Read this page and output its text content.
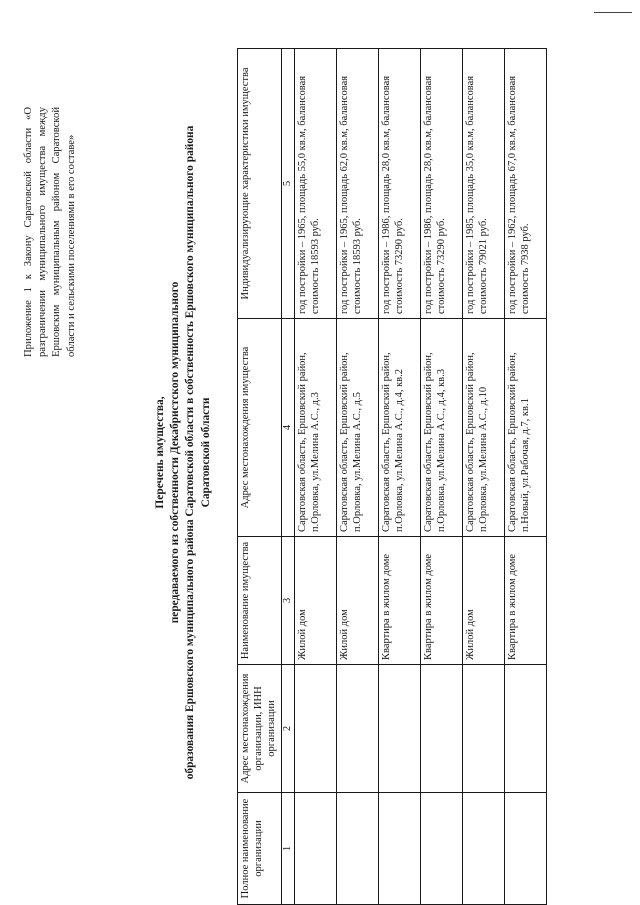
Приложение 1 к Закону Саратовской области «О разграничении муниципального имущества между Ершовским муниципальным районом Саратовской области и сельскими поселениями в его составе»
Перечень имущества, передаваемого из собственности Декабристского муниципального образования Ершовского муниципального района Саратовской области в собственность Ершовского муниципального района Саратовской области
Полное наименование организации	Адрес местонахождения организации, ИНН организации	Наименование имущества	Адрес местонахождения имущества	Индивидуализирующие характеристики имущества
1	2	3	4	5
		Жилой дом	Саратовская область, Ершовский район, п.Орловка, ул.Мелина А.С., д.3	год постройки – 1965, площадь 55,0 кв.м, балансовая стоимость 18593 руб.
		Жилой дом	Саратовская область, Ершовский район, п.Орловка, ул.Мелина А.С., д.5	год постройки – 1965, площадь 62,0 кв.м, балансовая стоимость 18593 руб.
		Квартира в жилом доме	Саратовская область, Ершовский район, п.Орловка, ул.Мелина А.С., д.4, кв.2	год постройки – 1986, площадь 28,0 кв.м, балансовая стоимость 73290 руб.
		Квартира в жилом доме	Саратовская область, Ершовский район, п.Орловка, ул.Мелина А.С., д.4, кв.3	год постройки – 1986, площадь 28,0 кв.м, балансовая стоимость 73290 руб.
		Жилой дом	Саратовская область, Ершовский район, п.Орловка, ул.Мелина А.С., д.10	год постройки – 1985, площадь 35,0 кв.м, балансовая стоимость 79021 руб.
		Квартира в жилом доме	Саратовская область, Ершовский район, п.Новый, ул.Рабочая, д.7, кв.1	год постройки – 1962, площадь 67,0 кв.м, балансовая стоимость 7938 руб.
